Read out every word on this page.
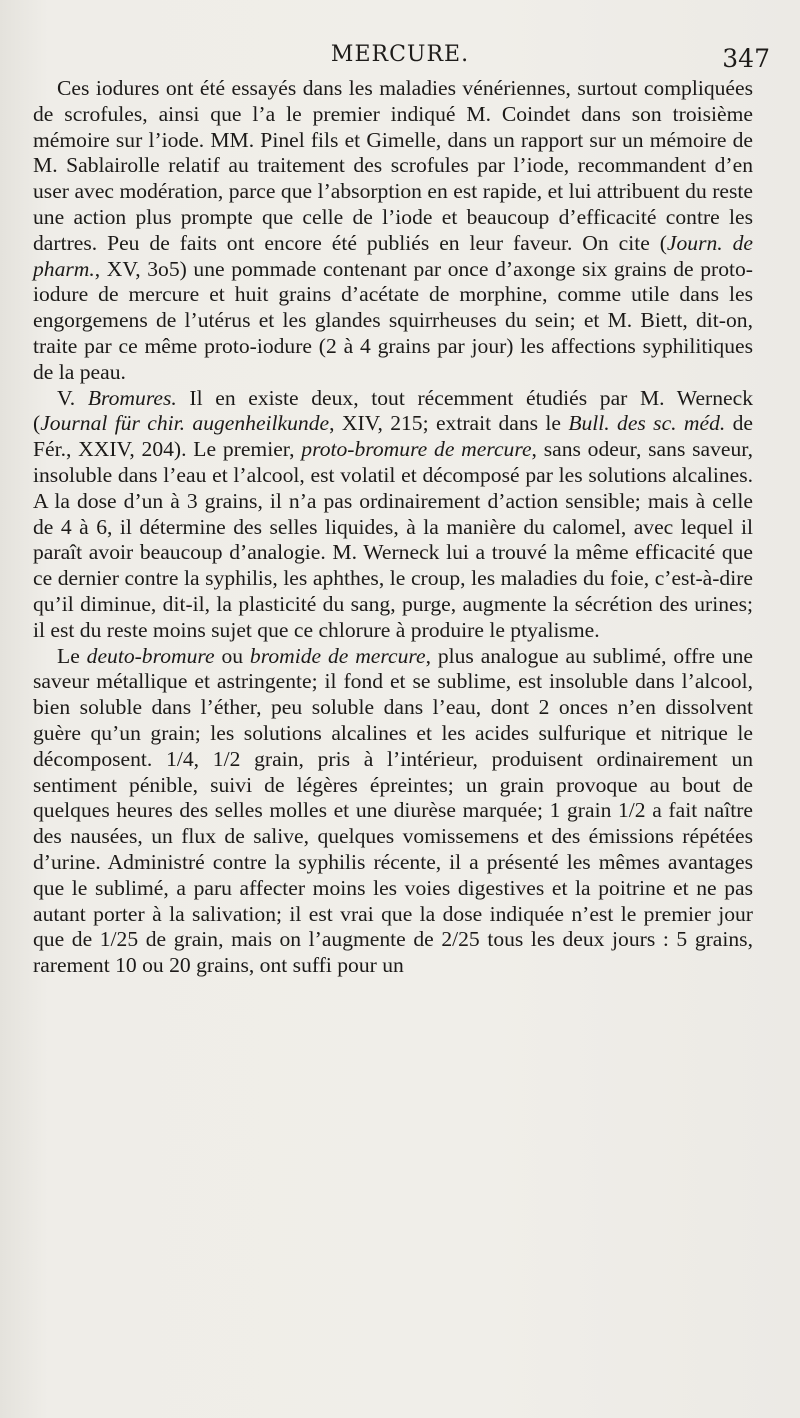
MERCURE.	347

Ces iodures ont été essayés dans les maladies vénériennes, surtout compliquées de scrofules, ainsi que l’a le premier indiqué M. Coindet dans son troisième mémoire sur l’iode. MM. Pinel fils et Gimelle, dans un rapport sur un mémoire de M. Sablairolle relatif au traitement des scrofules par l’iode, recommandent d’en user avec modération, parce que l’absorption en est rapide, et lui attribuent du reste une action plus prompte que celle de l’iode et beaucoup d’efficacité contre les dartres. Peu de faits ont encore été publiés en leur faveur. On cite (Journ. de pharm., XV, 3o5) une pommade contenant par once d’axonge six grains de proto-iodure de mercure et huit grains d’acétate de morphine, comme utile dans les engorgemens de l’utérus et les glandes squirrheuses du sein; et M. Biett, dit-on, traite par ce même proto-iodure (2 à 4 grains par jour) les affections syphilitiques de la peau.

V. Bromures. Il en existe deux, tout récemment étudiés par M. Werneck (Journal für chir. augenheilkunde, XIV, 215; extrait dans le Bull. des sc. méd. de Fér., XXIV, 204). Le premier, proto-bromure de mercure, sans odeur, sans saveur, insoluble dans l’eau et l’alcool, est volatil et décomposé par les solutions alcalines. A la dose d’un à 3 grains, il n’a pas ordinairement d’action sensible; mais à celle de 4 à 6, il détermine des selles liquides, à la manière du calomel, avec lequel il paraît avoir beaucoup d’analogie. M. Werneck lui a trouvé la même efficacité que ce dernier contre la syphilis, les aphthes, le croup, les maladies du foie, c’est-à-dire qu’il diminue, dit-il, la plasticité du sang, purge, augmente la sécrétion des urines; il est du reste moins sujet que ce chlorure à produire le ptyalisme.

Le deuto-bromure ou bromide de mercure, plus analogue au sublimé, offre une saveur métallique et astringente; il fond et se sublime, est insoluble dans l’alcool, bien soluble dans l’éther, peu soluble dans l’eau, dont 2 onces n’en dissolvent guère qu’un grain; les solutions alcalines et les acides sulfurique et nitrique le décomposent. 1/4, 1/2 grain, pris à l’intérieur, produisent ordinairement un sentiment pénible, suivi de légères épreintes; un grain provoque au bout de quelques heures des selles molles et une diurèse marquée; 1 grain 1/2 a fait naître des nausées, un flux de salive, quelques vomissemens et des émissions répétées d’urine. Administré contre la syphilis récente, il a présenté les mêmes avantages que le sublimé, a paru affecter moins les voies digestives et la poitrine et ne pas autant porter à la salivation; il est vrai que la dose indiquée n’est le premier jour que de 1/25 de grain, mais on l’augmente de 2/25 tous les deux jours : 5 grains, rarement 10 ou 20 grains, ont suffi pour un
